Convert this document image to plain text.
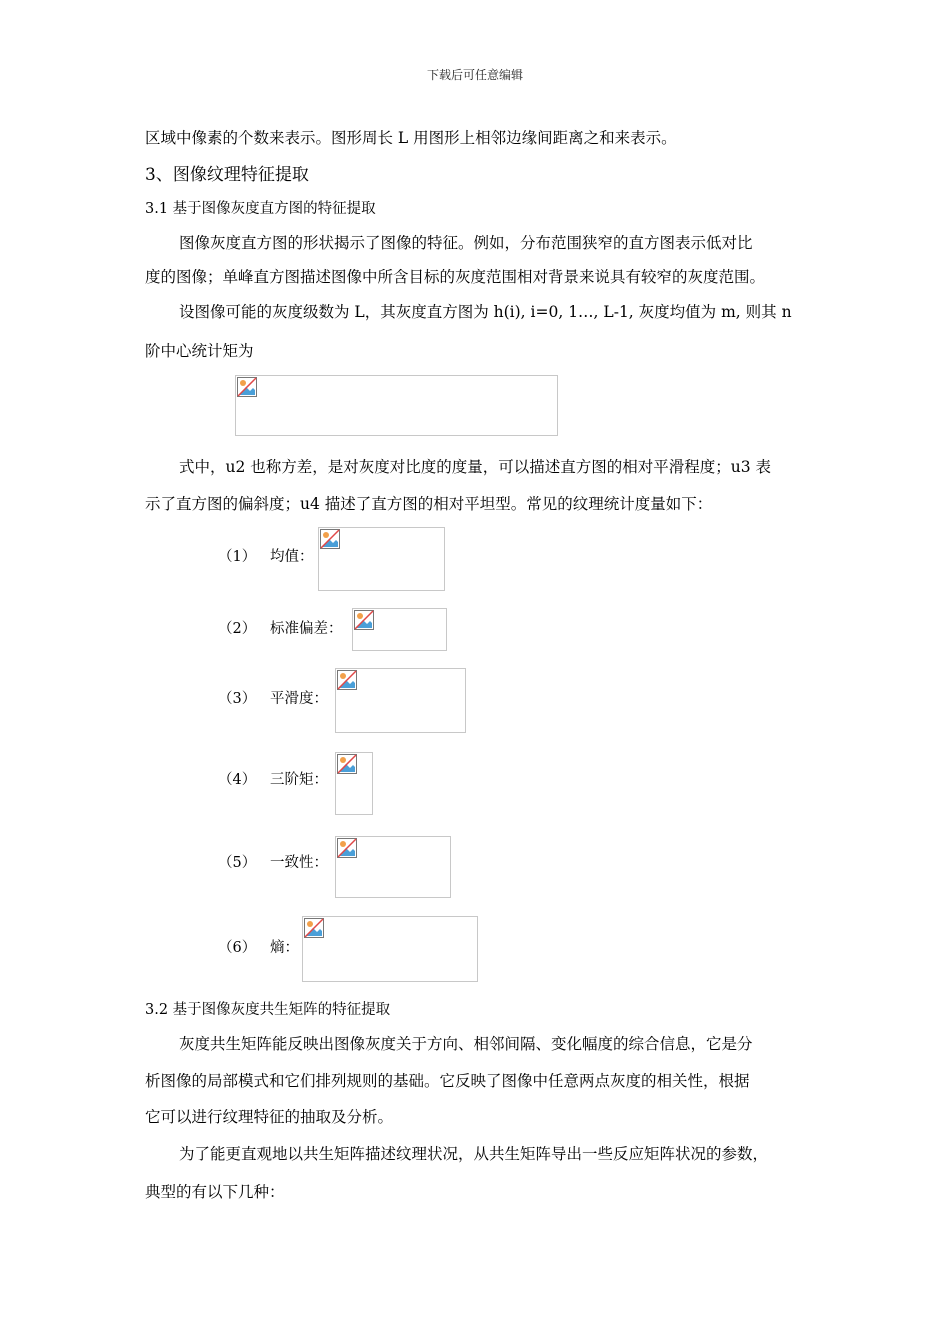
下载后可任意编辑
区域中像素的个数来表示。图形周长 L 用图形上相邻边缘间距离之和来表示。
3、图像纹理特征提取
3.1 基于图像灰度直方图的特征提取
图像灰度直方图的形状揭示了图像的特征。例如，分布范围狭窄的直方图表示低对比
度的图像；单峰直方图描述图像中所含目标的灰度范围相对背景来说具有较窄的灰度范围。
设图像可能的灰度级数为 L，其灰度直方图为 h(i), i=0, 1…, L-1, 灰度均值为 m, 则其 n
阶中心统计矩为
式中，u2 也称方差，是对灰度对比度的度量，可以描述直方图的相对平滑程度；u3 表
示了直方图的偏斜度；u4 描述了直方图的相对平坦型。常见的纹理统计度量如下：
（1） 均值：
（2） 标准偏差：
（3） 平滑度：
（4） 三阶矩：
（5） 一致性：
（6） 熵：
3.2 基于图像灰度共生矩阵的特征提取
灰度共生矩阵能反映出图像灰度关于方向、相邻间隔、变化幅度的综合信息，它是分
析图像的局部模式和它们排列规则的基础。它反映了图像中任意两点灰度的相关性，根据
它可以进行纹理特征的抽取及分析。
为了能更直观地以共生矩阵描述纹理状况，从共生矩阵导出一些反应矩阵状况的参数，
典型的有以下几种：
